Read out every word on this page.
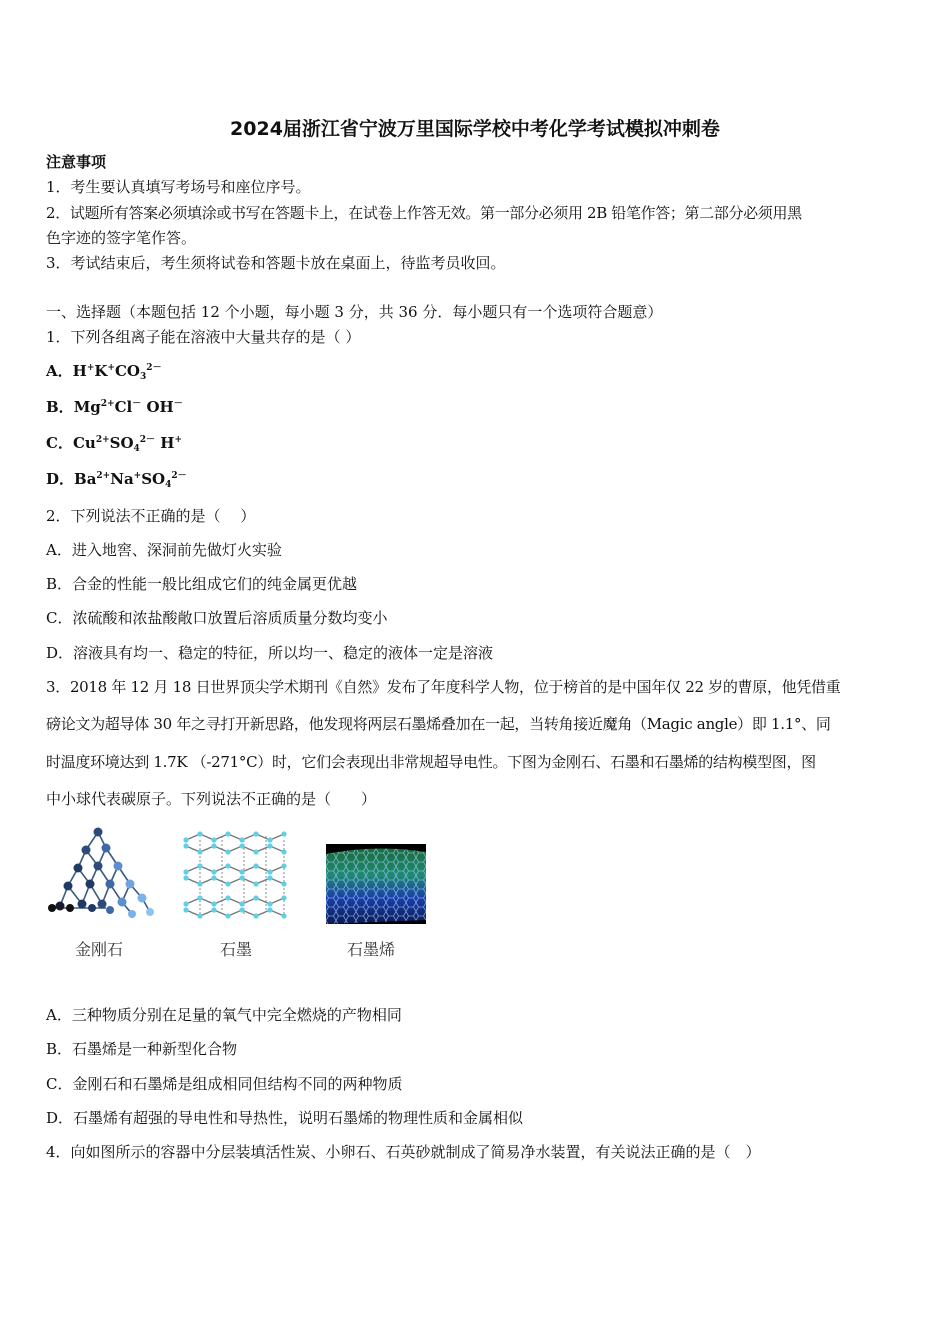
2024届浙江省宁波万里国际学校中考化学考试模拟冲刺卷
注意事项
1．考生要认真填写考场号和座位序号。
2．试题所有答案必须填涂或书写在答题卡上，在试卷上作答无效。第一部分必须用 2B 铅笔作答；第二部分必须用黑
色字迹的签字笔作答。
3．考试结束后，考生须将试卷和答题卡放在桌面上，待监考员收回。
一、选择题（本题包括 12 个小题，每小题 3 分，共 36 分．每小题只有一个选项符合题意）
1．下列各组离子能在溶液中大量共存的是（ ）
A．$H^+K^+CO_3^{2-}$
B．$Mg^{2+}Cl^-$ OH－
C．$Cu^{2+}SO_4^{2-}$ H+
D．$Ba^{2+}Na^+SO_4^{2-}$
2．下列说法不正确的是（　 ）
A．进入地窖、深洞前先做灯火实验
B．合金的性能一般比组成它们的纯金属更优越
C．浓硫酸和浓盐酸敞口放置后溶质质量分数均变小
D．溶液具有均一、稳定的特征，所以均一、稳定的液体一定是溶液
3．2018 年 12 月 18 日世界顶尖学术期刊《自然》发布了年度科学人物，位于榜首的是中国年仅 22 岁的曹原，他凭借重
磅论文为超导体 30 年之寻打开新思路，他发现将两层石墨烯叠加在一起，当转角接近魔角（Magic angle）即 1.1°、同
时温度环境达到 1.7K （-271°C）时，它们会表现出非常规超导电性。下图为金刚石、石墨和石墨烯的结构模型图，图
中小球代表碳原子。下列说法不正确的是（　　）
金刚石	石墨	石墨烯
A．三种物质分别在足量的氧气中完全燃烧的产物相同
B．石墨烯是一种新型化合物
C．金刚石和石墨烯是组成相同但结构不同的两种物质
D．石墨烯有超强的导电性和导热性，说明石墨烯的物理性质和金属相似
4．向如图所示的容器中分层装填活性炭、小卵石、石英砂就制成了简易净水装置，有关说法正确的是（　）
